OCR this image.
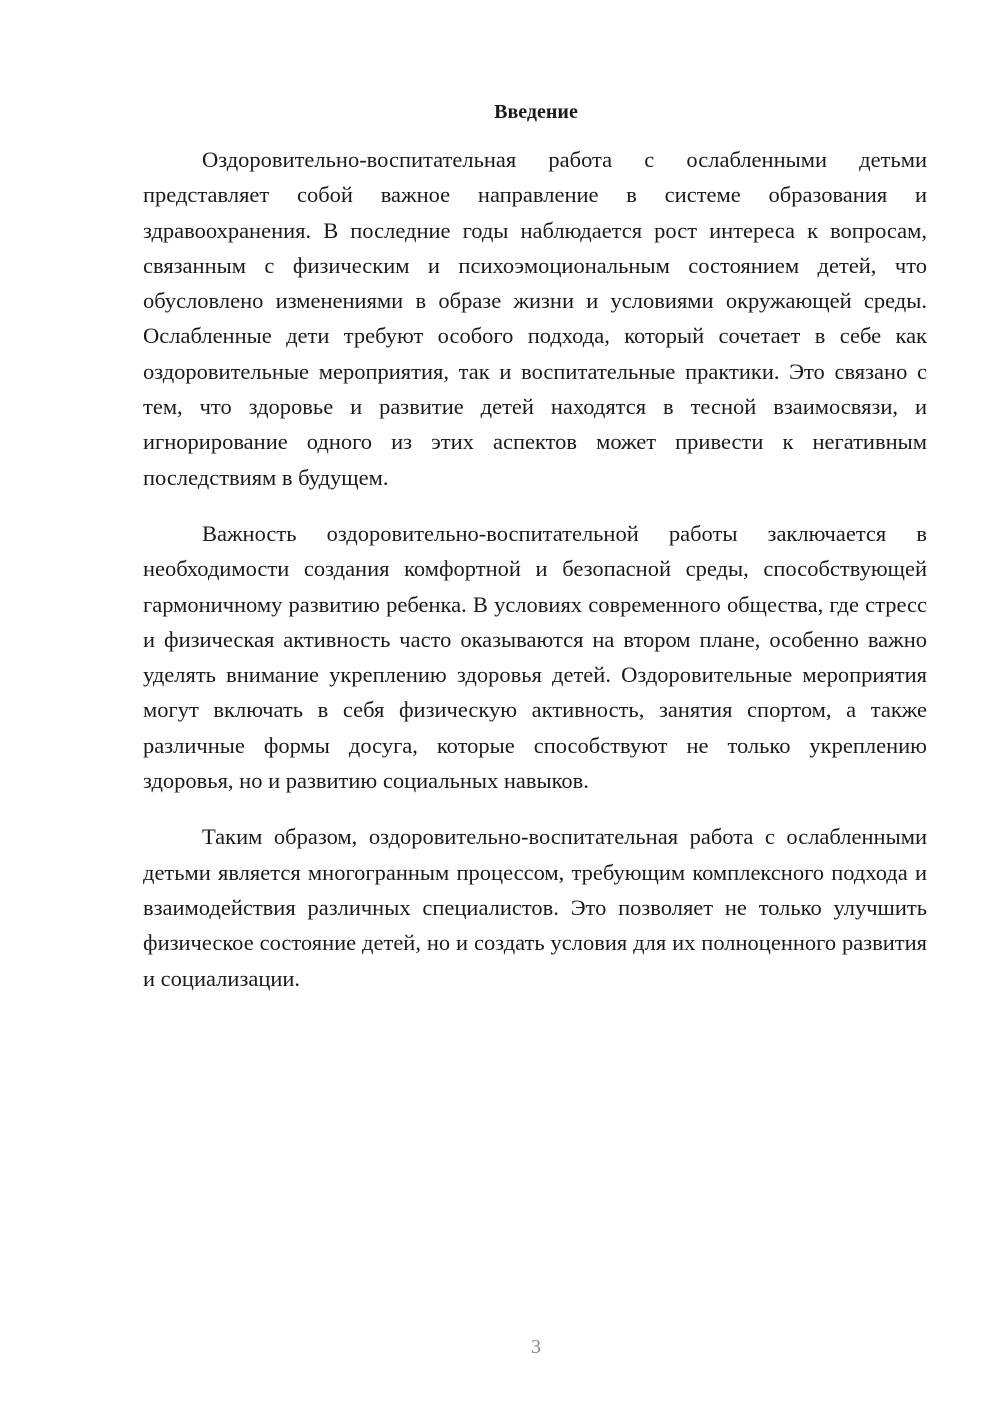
Введение

Оздоровительно-воспитательная работа с ослабленными детьми представляет собой важное направление в системе образования и здравоохранения. В последние годы наблюдается рост интереса к вопросам, связанным с физическим и психоэмоциональным состоянием детей, что обусловлено изменениями в образе жизни и условиями окружающей среды. Ослабленные дети требуют особого подхода, который сочетает в себе как оздоровительные мероприятия, так и воспитательные практики. Это связано с тем, что здоровье и развитие детей находятся в тесной взаимосвязи, и игнорирование одного из этих аспектов может привести к негативным последствиям в будущем.

Важность оздоровительно-воспитательной работы заключается в необходимости создания комфортной и безопасной среды, способствующей гармоничному развитию ребенка. В условиях современного общества, где стресс и физическая активность часто оказываются на втором плане, особенно важно уделять внимание укреплению здоровья детей. Оздоровительные мероприятия могут включать в себя физическую активность, занятия спортом, а также различные формы досуга, которые способствуют не только укреплению здоровья, но и развитию социальных навыков.

Таким образом, оздоровительно-воспитательная работа с ослабленными детьми является многогранным процессом, требующим комплексного подхода и взаимодействия различных специалистов. Это позволяет не только улучшить физическое состояние детей, но и создать условия для их полноценного развития и социализации.

3
